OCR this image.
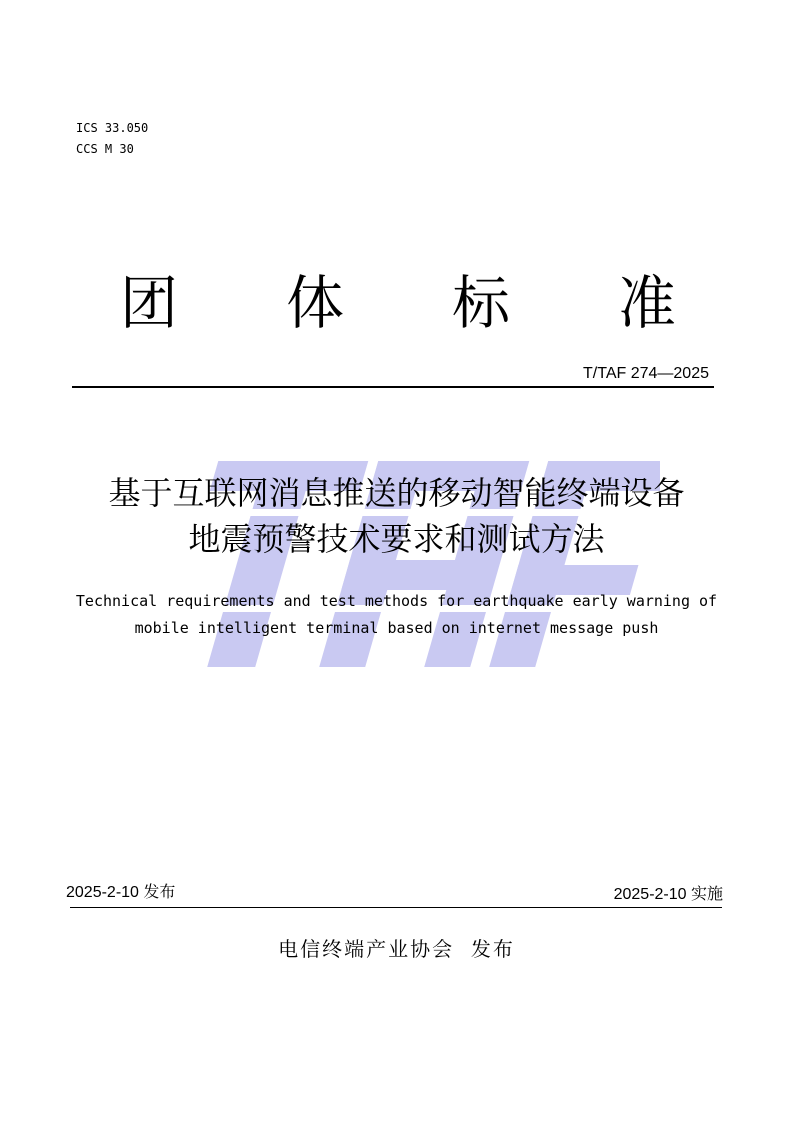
ICS 33.050
CCS M 30
团 体 标 准
T/TAF 274—2025
基于互联网消息推送的移动智能终端设备
地震预警技术要求和测试方法
Technical requirements and test methods for earthquake early warning of
mobile intelligent terminal based on internet message push
2025-2-10 发布	2025-2-10 实施
电信终端产业协会  发布
